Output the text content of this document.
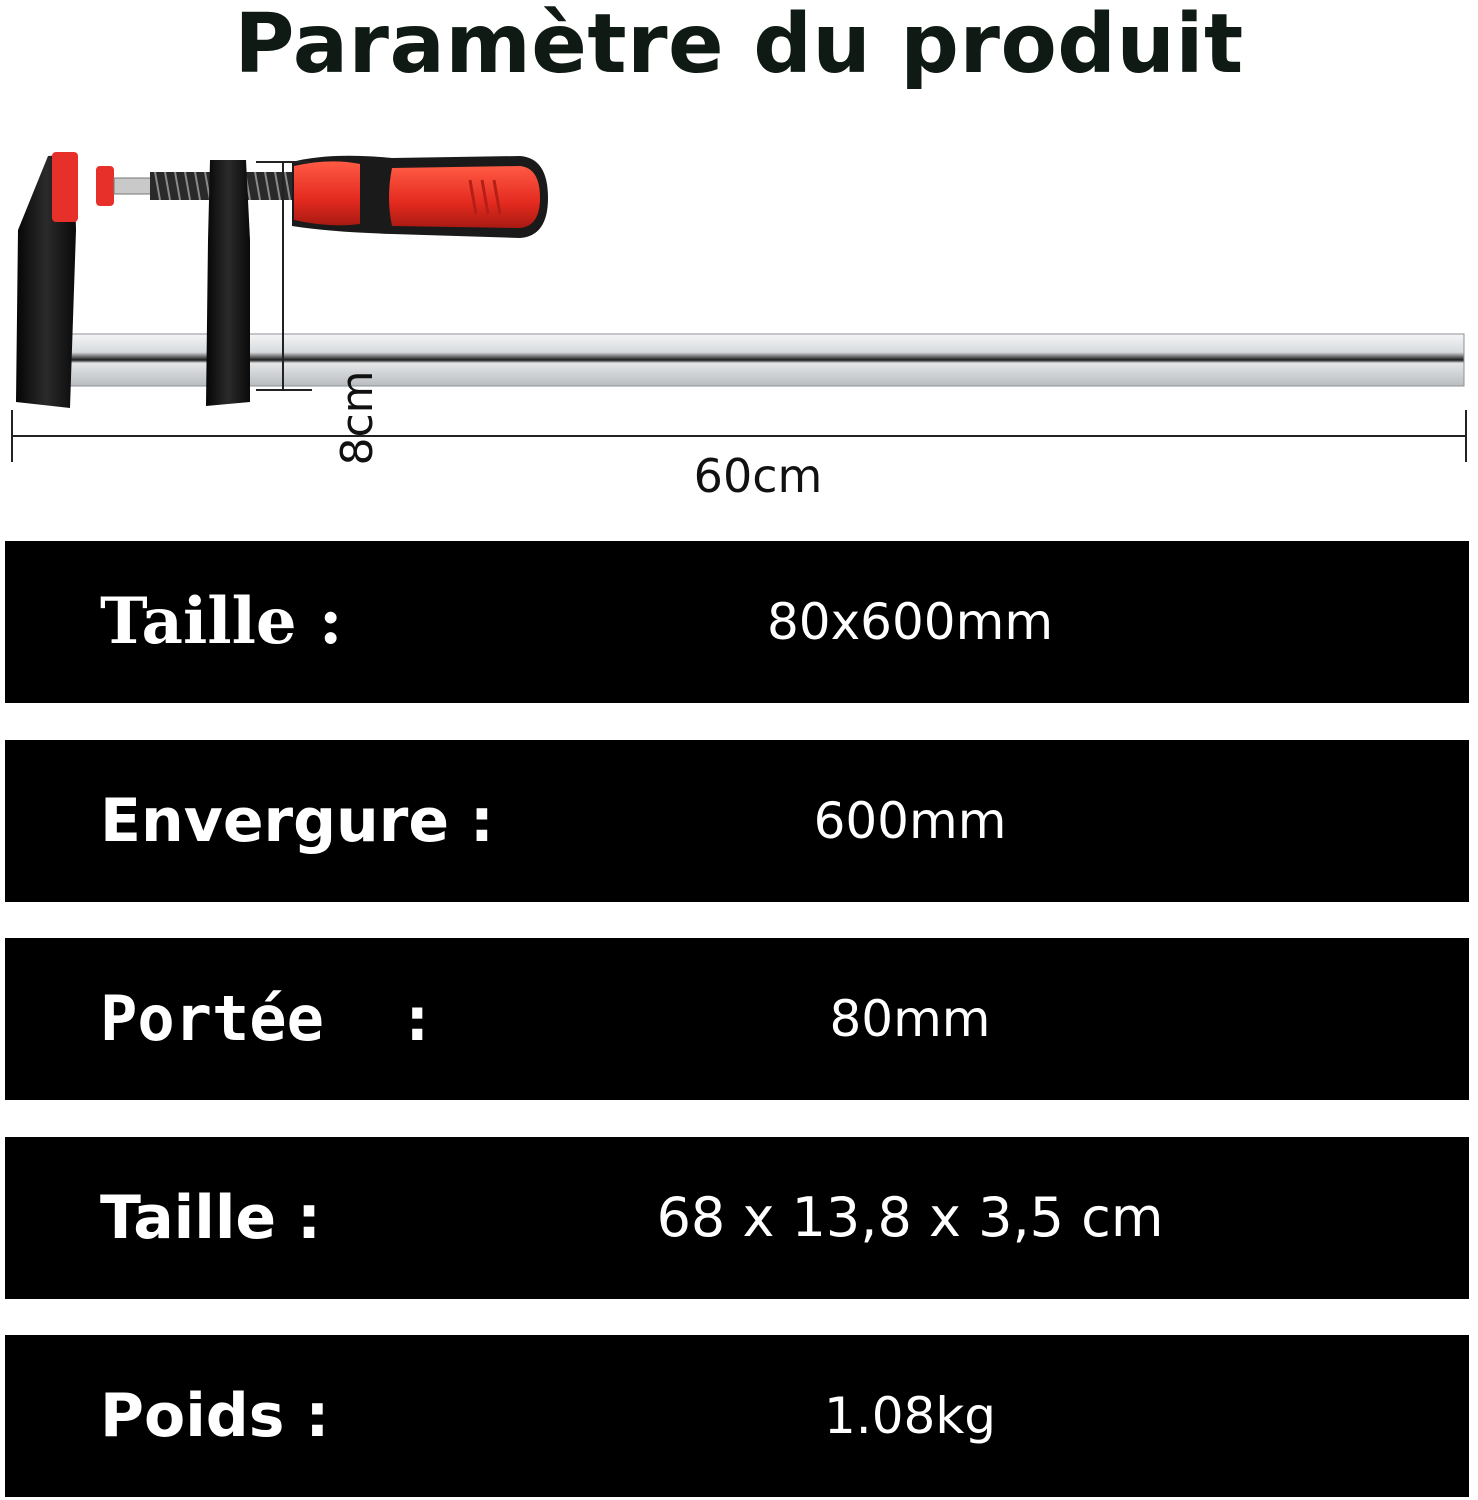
Paramètre du produit
8cm
60cm
Taille :	80x600mm
Envergure :	600mm
Portée  :	80mm
Taille :	68 x 13,8 x 3,5 cm
Poids :	1.08kg
